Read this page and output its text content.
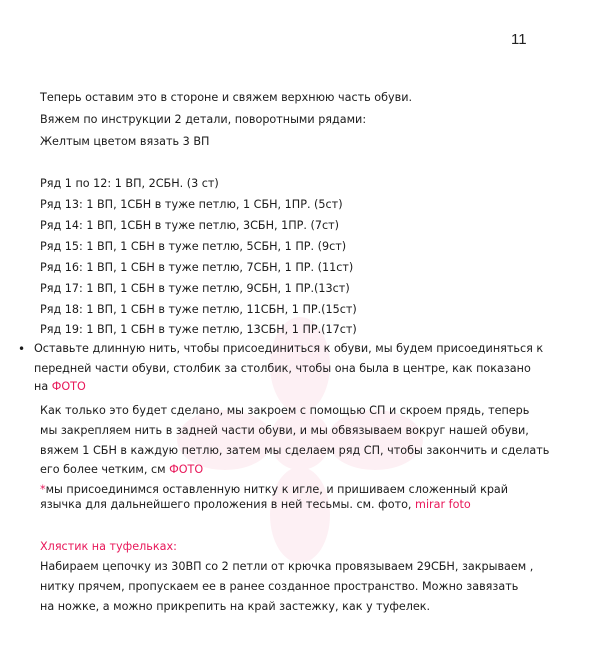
11
Теперь оставим это в стороне и свяжем верхнюю часть обуви.
Вяжем по инструкции 2 детали, поворотными рядами:
Желтым цветом вязать 3 ВП
Ряд 1 по 12: 1 ВП, 2СБН. (3 ст)
Ряд 13: 1 ВП, 1СБН в туже петлю, 1 СБН, 1ПР. (5ст)
Ряд 14: 1 ВП, 1СБН в туже петлю, 3СБН, 1ПР. (7ст)
Ряд 15: 1 ВП, 1 СБН в туже петлю, 5СБН, 1 ПР. (9ст)
Ряд 16: 1 ВП, 1 СБН в туже петлю, 7СБН, 1 ПР. (11ст)
Ряд 17: 1 ВП, 1 СБН в туже петлю, 9СБН, 1 ПР.(13ст)
Ряд 18: 1 ВП, 1 СБН в туже петлю, 11СБН, 1 ПР.(15ст)
Ряд 19: 1 ВП, 1 СБН в туже петлю, 13СБН, 1 ПР.(17ст)
• Оставьте длинную нить, чтобы присоединиться к обуви, мы будем присоединяться к
передней части обуви, столбик за столбик, чтобы она была в центре, как показано
на ФОТО
Как только это будет сделано, мы закроем с помощью СП и скроем прядь, теперь
мы закрепляем нить в задней части обуви, и мы обвязываем вокруг нашей обуви,
вяжем 1 СБН в каждую петлю, затем мы сделаем ряд СП, чтобы закончить и сделать
его более четким, см ФОТО
*мы присоединимся оставленную нитку к игле, и пришиваем сложенный край
язычка для дальнейшего проложения в ней тесьмы. см. фото, mirar foto
Хлястик на туфельках:
Набираем цепочку из 30ВП со 2 петли от крючка провязываем 29СБН, закрываем ,
нитку прячем, пропускаем ее в ранее созданное пространство. Можно завязать
на ножке, а можно прикрепить на край застежку, как у туфелек.
